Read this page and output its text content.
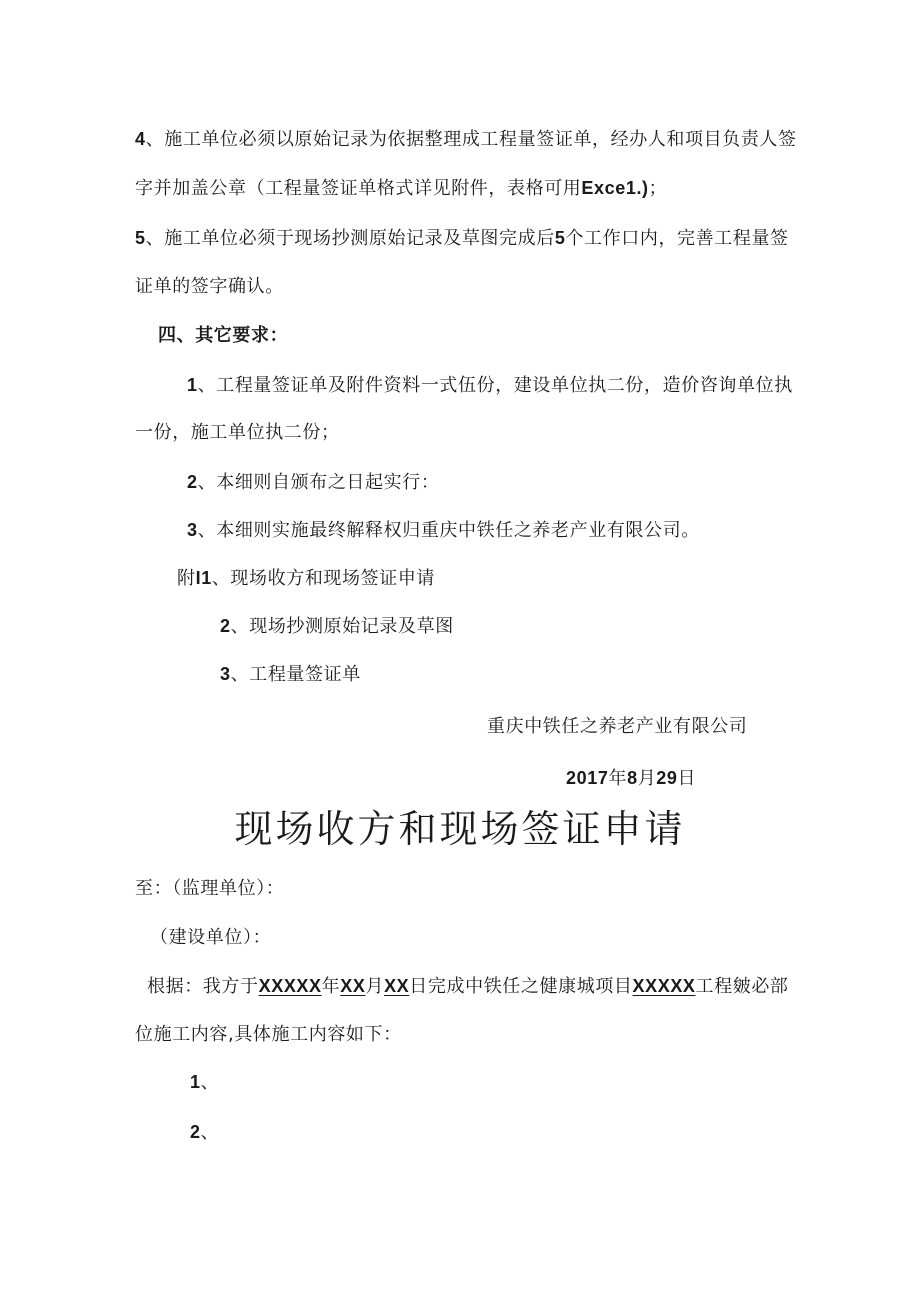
4、施工单位必须以原始记录为依据整理成工程量签证单，经办人和项目负责人签
字并加盖公章（工程量签证单格式详见附件，表格可用Exce1.)；
5、施工单位必须于现场抄测原始记录及草图完成后5个工作口内，完善工程量签
证单的签字确认。
四、其它要求：
1、工程量签证单及附件资料一式伍份，建设单位执二份，造价咨询单位执
一份，施工单位执二份；
2、本细则自颁布之日起实行：
3、本细则实施最终解释权归重庆中铁任之养老产业有限公司。
附I1、现场收方和现场签证申请
2、现场抄测原始记录及草图
3、工程量签证单
重庆中铁任之养老产业有限公司
2017年8月29日
现场收方和现场签证申请
至：（监理单位）：
（建设单位）：
根据：我方于XXXXX年XX月XX日完成中铁任之健康城项目XXXXX工程皴必部
位施工内容,具体施工内容如下：
1、
2、
